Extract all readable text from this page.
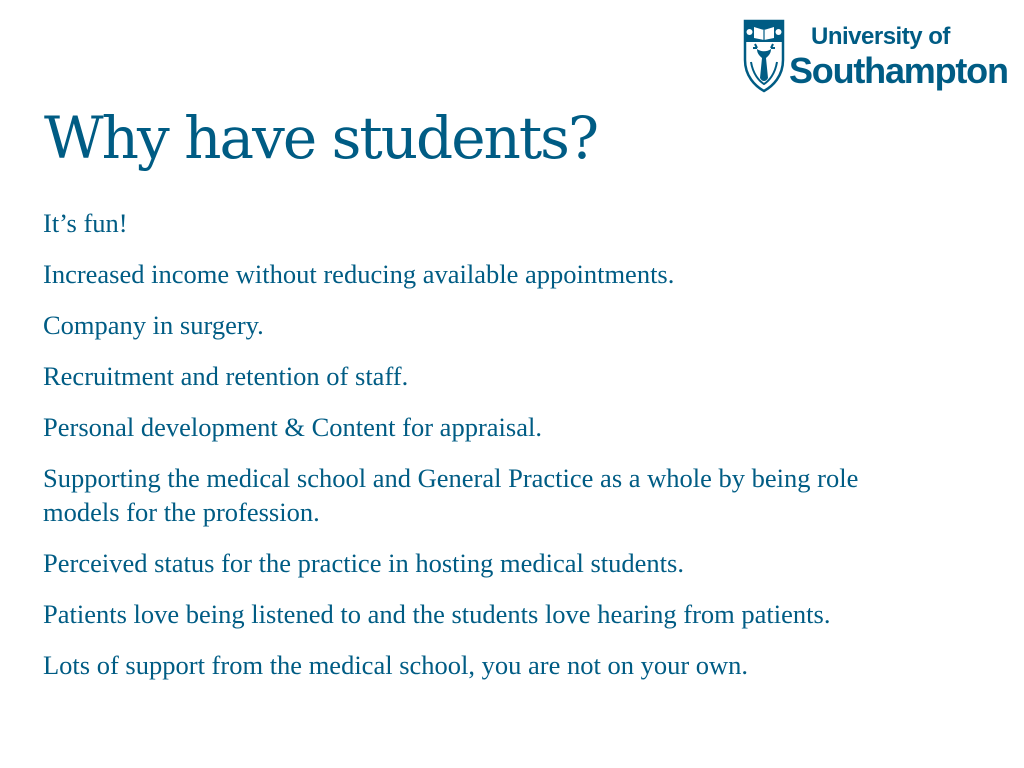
University of
Southampton
Why have students?
It’s fun!
Increased income without reducing available appointments.
Company in surgery.
Recruitment and retention of staff.
Personal development & Content for appraisal.
Supporting the medical school and General Practice as a whole by being role models for the profession.
Perceived status for the practice in hosting medical students.
Patients love being listened to and the students love hearing from patients.
Lots of support from the medical school, you are not on your own.
